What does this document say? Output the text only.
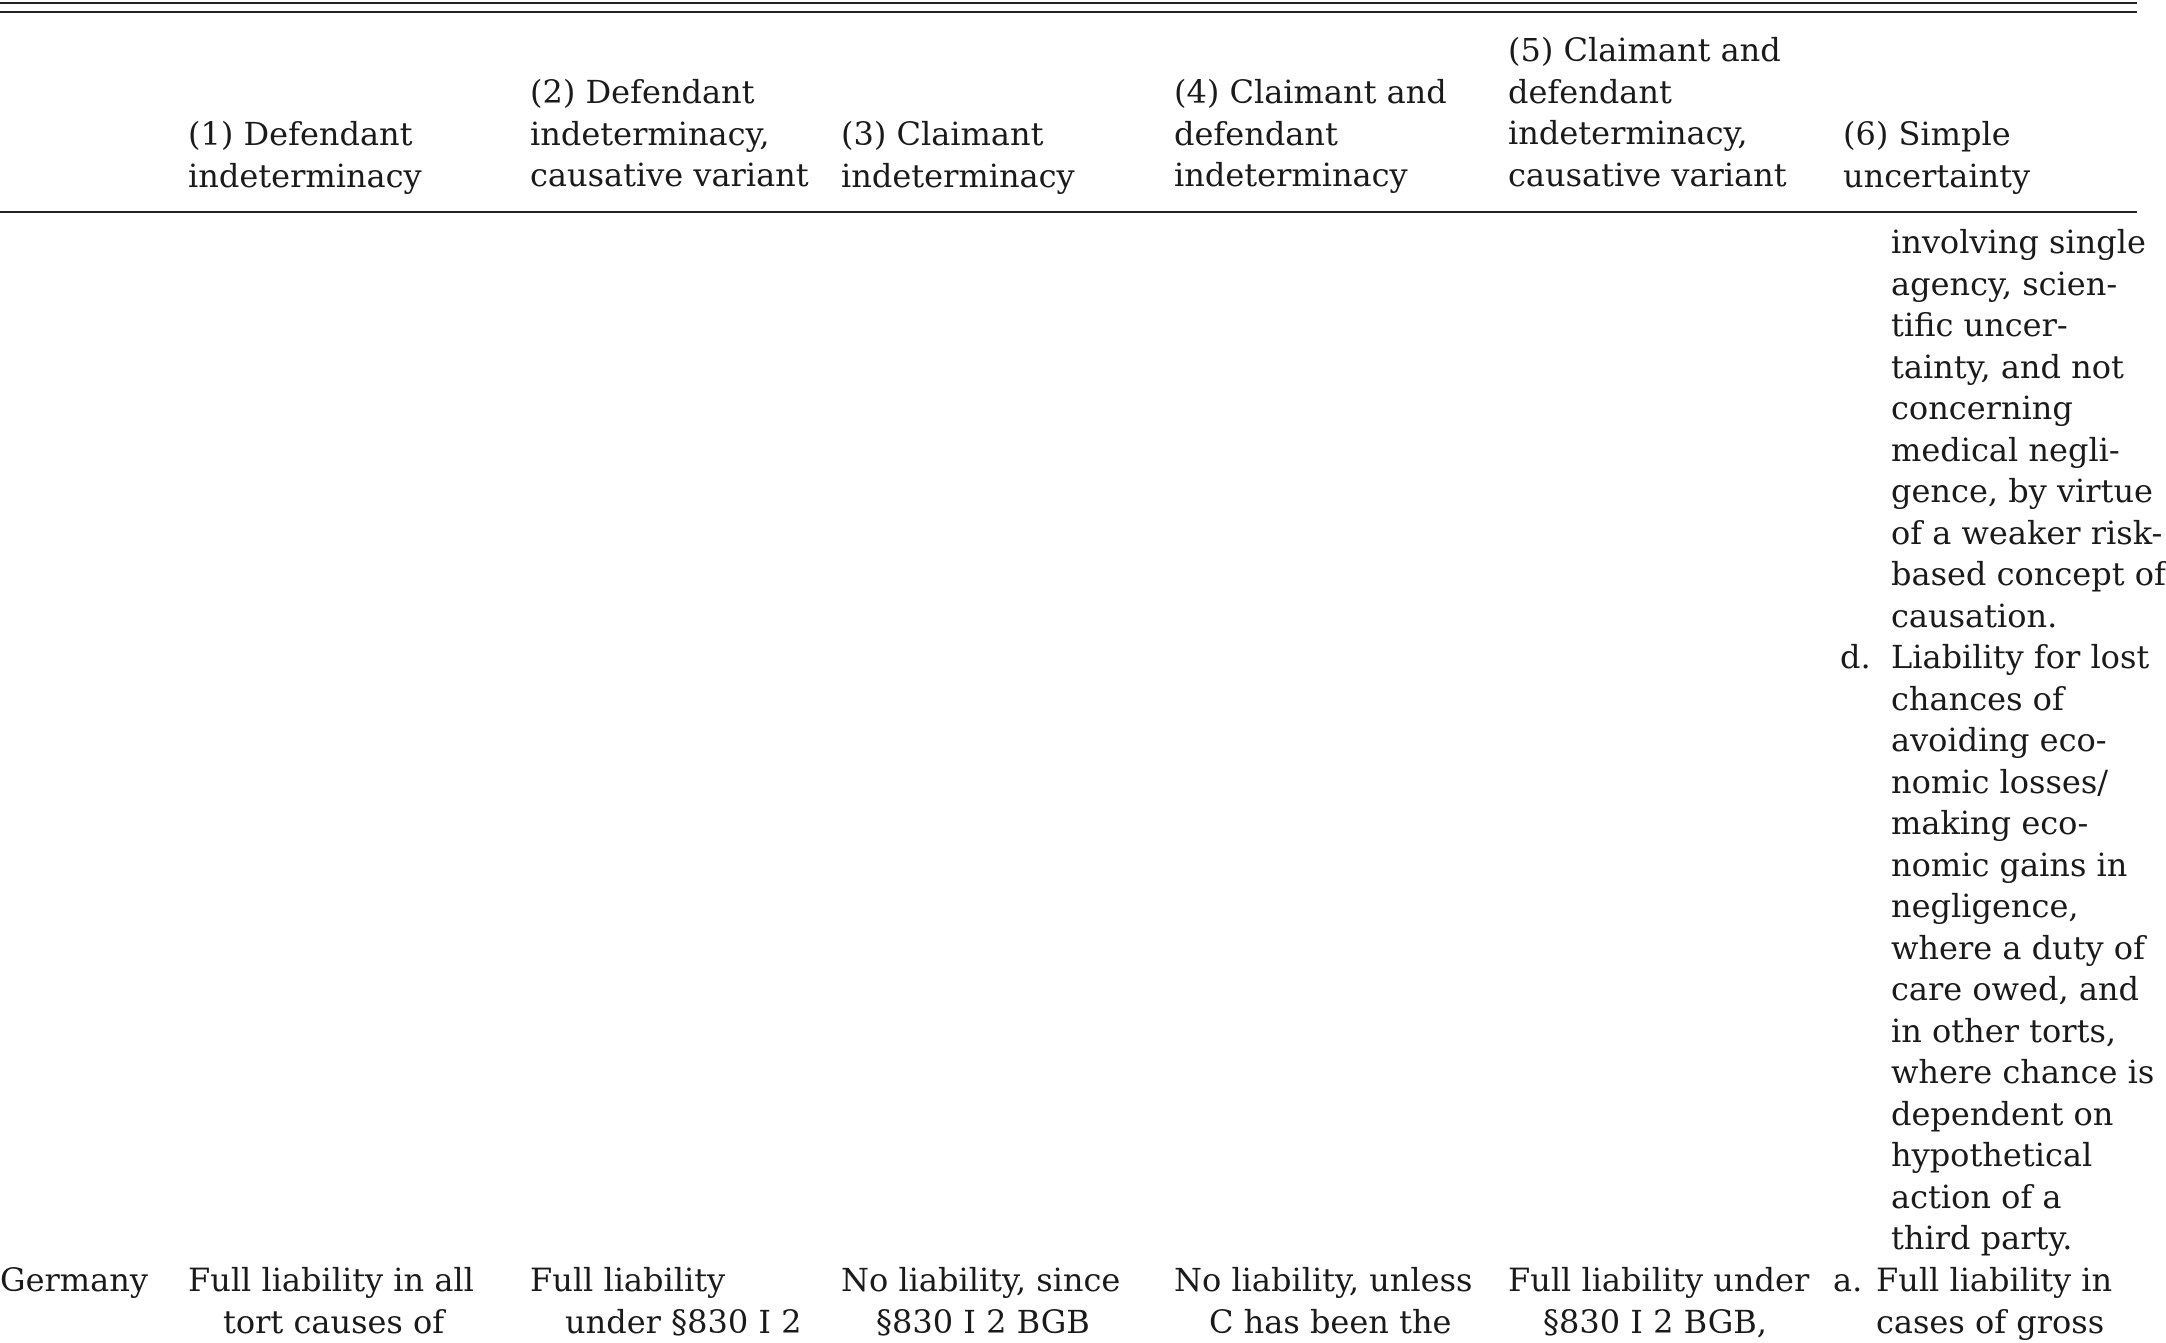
(1) Defendant
indeterminacy
(2) Defendant
indeterminacy,
causative variant
(3) Claimant
indeterminacy
(4) Claimant and
defendant
indeterminacy
(5) Claimant and
defendant
indeterminacy,
causative variant
(6) Simple
uncertainty
involving single
agency, scien-
tific uncer-
tainty, and not
concerning
medical negli-
gence, by virtue
of a weaker risk-
based concept of
causation.
d. Liability for lost
chances of
avoiding eco-
nomic losses/
making eco-
nomic gains in
negligence,
where a duty of
care owed, and
in other torts,
where chance is
dependent on
hypothetical
action of a
third party.
Germany Full liability in all
tort causes of
Full liability
under §830 I 2
No liability, since
§830 I 2 BGB
No liability, unless
C has been the
Full liability under
§830 I 2 BGB,
a. Full liability in
cases of gross
